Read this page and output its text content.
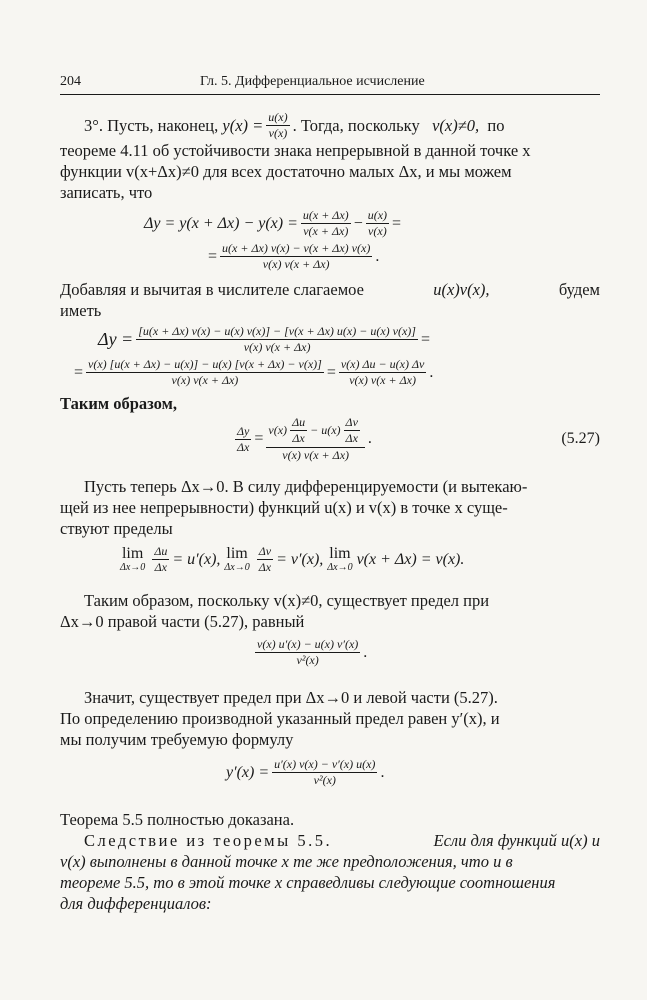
204	Гл. 5. Дифференциальное исчисление

3°. Пусть, наконец,
$y(x) = \frac{u(x)}{v(x)}$ . Тогда, поскольку
v(x)≠0,
по

теореме 4.11 об устойчивости знака непрерывной в данной точке x

функции v(x+Δx)≠0 для всех достаточно малых Δx, и мы можем

записать, что

$\Delta y = y(x + \Delta x) - y(x) = \frac{u(x + \Delta x)}{v(x + \Delta x)} - \frac{u(x)}{v(x)}$ =
= $\frac{u(x + \Delta x) v(x) - v(x + \Delta x) v(x)}{v(x) v(x + \Delta x)}$ .

Добавляя и вычитая в числителе слагаемое	u(x)v(x),	будем

иметь

$\Delta y = \frac{[u(x + \Delta x) v(x) - u(x) v(x)] - [v(x + \Delta x) u(x) - u(x) v(x)]}{v(x) v(x + \Delta x)}$ =
= $\frac{v(x) [u(x + \Delta x) - u(x)] - u(x) [v(x + \Delta x) - v(x)]}{v(x) v(x + \Delta x)} = \frac{v(x) \Delta u - u(x) \Delta v}{v(x) v(x + \Delta x)}$ .

Таким образом,

$\frac{\Delta y}{\Delta x} = v(x) \frac{\Delta u}{\Delta x} - u(x) \frac{\Delta v}{\Delta x}$
v(x) v(x + Δx)
.	(5.27)

Пусть теперь Δx→0. В силу дифференцируемости (и вытекаю-

щей из нее непрерывности) функций u(x) и v(x) в точке x суще-

ствуют пределы

lim
$\Delta x\to 0 \frac{\Delta u}{\Delta x} = u'(x)$,
lim
$\Delta x\to 0 \frac{\Delta v}{\Delta x} = v'(x)$,
lim
Δx→0 v(x + Δx) = v(x).

Таким образом, поскольку v(x)≠0, существует предел при

Δx→0 правой части (5.27), равный

$\frac{v(x) u'(x) - u(x) v'(x)}{\text{v²(x)}}$ .

Значит, существует предел при Δx→0 и левой части (5.27).

По определению производной указанный предел равен y′(x), и

мы получим требуемую формулу

$y'(x) = \frac{u'(x) v(x) - v'(x) u(x)}{\text{v²(x)}}$ .

Теорема 5.5 полностью доказана.

Следствие из теоремы 5.5.	Если для функций u(x) и

v(x) выполнены в данной точке x те же предположения, что и в

теореме 5.5, то в этой точке x справедливы следующие соотношения

для дифференциалов:
